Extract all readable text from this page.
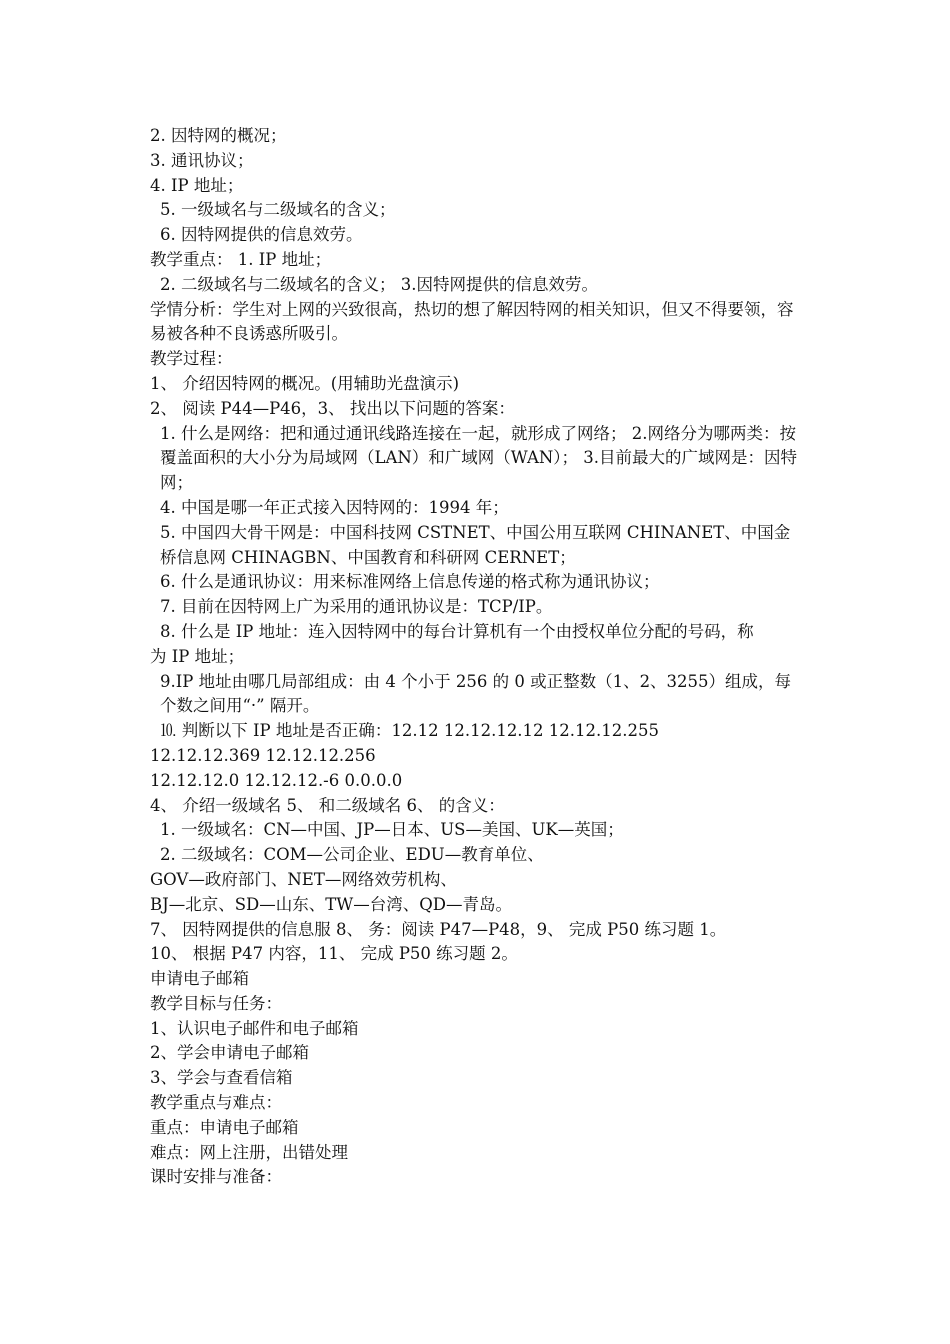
2. 因特网的概况；

3. 通讯协议；

4. IP 地址；

5. 一级域名与二级域名的含义；

6. 因特网提供的信息效劳。

教学重点： 1. IP 地址；

2. 二级域名与二级域名的含义； 3.因特网提供的信息效劳。

学情分析：学生对上网的兴致很高，热切的想了解因特网的相关知识，但又不得要领，容易被各种不良诱惑所吸引。

教学过程：

1、 介绍因特网的概况。(用辅助光盘演示)

2、 阅读 P44—P46，3、 找出以下问题的答案：

1. 什么是网络：把和通过通讯线路连接在一起，就形成了网络； 2.网络分为哪两类：按覆盖面积的大小分为局域网（LAN）和广域网（WAN）； 3.目前最大的广域网是：因特网；

4. 中国是哪一年正式接入因特网的：1994 年；

5. 中国四大骨干网是：中国科技网 CSTNET、中国公用互联网 CHINANET、中国金桥信息网 CHINAGBN、中国教育和科研网 CERNET；

6. 什么是通讯协议：用来标准网络上信息传递的格式称为通讯协议；

7. 目前在因特网上广为采用的通讯协议是：TCP/IP。

8. 什么是 IP 地址：连入因特网中的每台计算机有一个由授权单位分配的号码，称

为 IP 地址；

9.IP 地址由哪几局部组成：由 4 个小于 256 的 0 或正整数（1、2、3255）组成，每个数之间用“·” 隔开。

⒑ 判断以下 IP 地址是否正确：12.12 12.12.12.12 12.12.12.255

12.12.12.369 12.12.12.256

12.12.12.0 12.12.12.-6 0.0.0.0

4、 介绍一级域名 5、 和二级域名 6、 的含义：

1. 一级域名：CN—中国、JP—日本、US—美国、UK—英国；

2. 二级域名：COM—公司企业、EDU—教育单位、

GOV—政府部门、NET—网络效劳机构、

BJ—北京、SD—山东、TW—台湾、QD—青岛。

7、 因特网提供的信息服 8、 务：阅读 P47—P48，9、 完成 P50 练习题 1。

10、 根据 P47 内容，11、 完成 P50 练习题 2。

申请电子邮箱

教学目标与任务：

1、认识电子邮件和电子邮箱

2、学会申请电子邮箱

3、学会与查看信箱

教学重点与难点：

重点：申请电子邮箱

难点：网上注册，出错处理

课时安排与准备：
